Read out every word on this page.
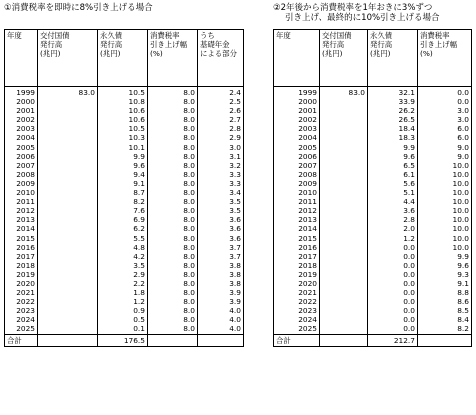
①消費税率を即時に8%引き上げる場合	②2年後から消費税率を1年おきに3%ずつ
引き上げ、最終的に10%引き上げる場合
年度	交付国債
発行高
(兆円)	永久債
発行高
(兆円)	消費税率
引き上げ幅
(%)	うち
基礎年金
による部分

1999	83.0	10.5	8.0	2.4
2000		10.8	8.0	2.5
2001		10.6	8.0	2.6
2002		10.6	8.0	2.7
2003		10.5	8.0	2.8
2004		10.3	8.0	2.9
2005		10.1	8.0	3.0
2006		9.9	8.0	3.1
2007		9.6	8.0	3.2
2008		9.4	8.0	3.3
2009		9.1	8.0	3.3
2010		8.7	8.0	3.4
2011		8.2	8.0	3.5
2012		7.6	8.0	3.5
2013		6.9	8.0	3.6
2014		6.2	8.0	3.6
2015		5.5	8.0	3.6
2016		4.8	8.0	3.7
2017		4.2	8.0	3.7
2018		3.5	8.0	3.8
2019		2.9	8.0	3.8
2020		2.2	8.0	3.8
2021		1.8	8.0	3.9
2022		1.2	8.0	3.9
2023		0.9	8.0	4.0
2024		0.5	8.0	4.0
2025		0.1	8.0	4.0
合計		176.5		
年度	交付国債
発行高
(兆円)	永久債
発行高
(兆円)	消費税率
引き上げ幅
(%)

1999	83.0	32.1	0.0
2000		33.9	0.0
2001		26.2	3.0
2002		26.5	3.0
2003		18.4	6.0
2004		18.3	6.0
2005		9.9	9.0
2006		9.6	9.0
2007		6.5	10.0
2008		6.1	10.0
2009		5.6	10.0
2010		5.1	10.0
2011		4.4	10.0
2012		3.6	10.0
2013		2.8	10.0
2014		2.0	10.0
2015		1.2	10.0
2016		0.0	10.0
2017		0.0	9.9
2018		0.0	9.6
2019		0.0	9.3
2020		0.0	9.1
2021		0.0	8.8
2022		0.0	8.6
2023		0.0	8.5
2024		0.0	8.4
2025		0.0	8.2
合計		212.7	
